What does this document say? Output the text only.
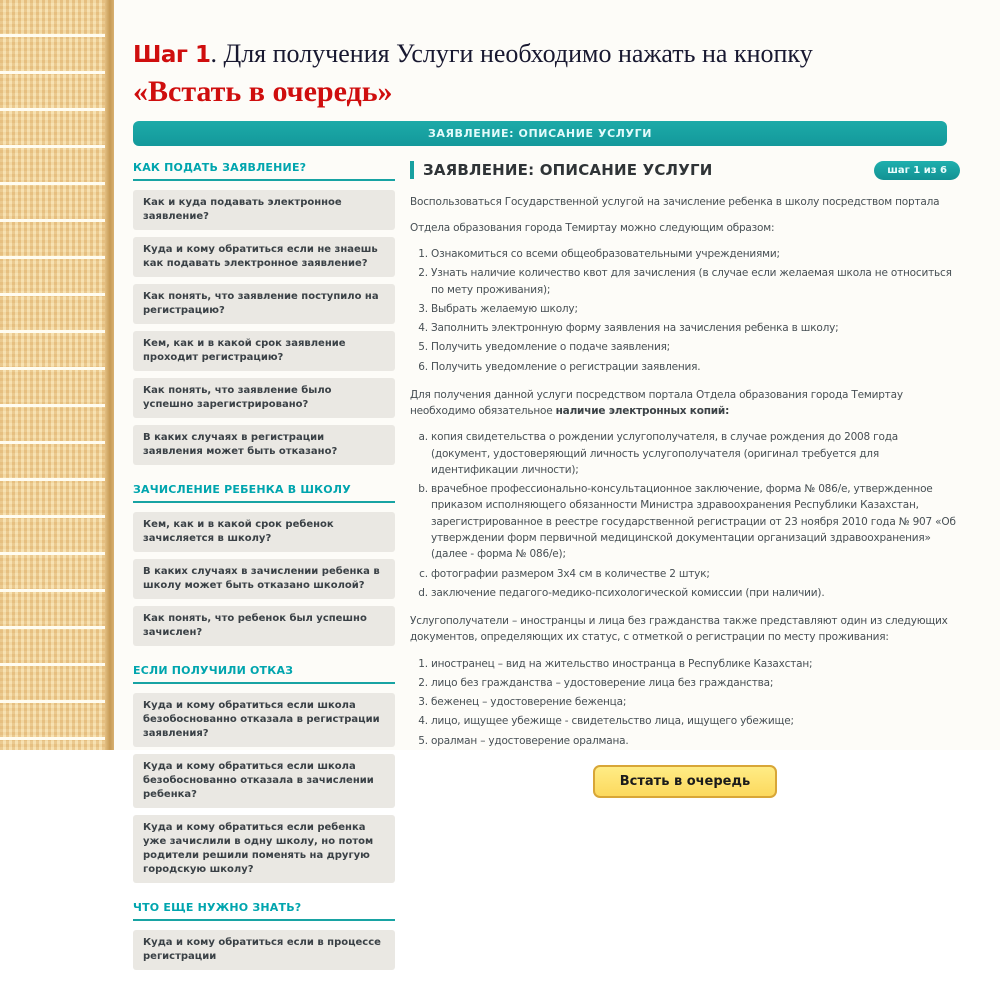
Шаг 1. Для получения Услуги необходимо нажать на кнопку
«Встать в очередь»
ЗАЯВЛЕНИЕ: ОПИСАНИЕ УСЛУГИ
КАК ПОДАТЬ ЗАЯВЛЕНИЕ?
Как и куда подавать электронное заявление?
Куда и кому обратиться если не знаешь как подавать электронное заявление?
Как понять, что заявление поступило на регистрацию?
Кем, как и в какой срок заявление проходит регистрацию?
Как понять, что заявление было успешно зарегистрировано?
В каких случаях в регистрации заявления может быть отказано?
ЗАЧИСЛЕНИЕ РЕБЕНКА В ШКОЛУ
Кем, как и в какой срок ребенок зачисляется в школу?
В каких случаях в зачислении ребенка в школу может быть отказано школой?
Как понять, что ребенок был успешно зачислен?
ЕСЛИ ПОЛУЧИЛИ ОТКАЗ
Куда и кому обратиться если школа безобоснованно отказала в регистрации заявления?
Куда и кому обратиться если школа безобоснованно отказала в зачислении ребенка?
Куда и кому обратиться если ребенка уже зачислили в одну школу, но потом родители решили поменять на другую городскую школу?
ЧТО ЕЩЕ НУЖНО ЗНАТЬ?
Куда и кому обратиться если в процессе регистрации
ЗАЯВЛЕНИЕ: ОПИСАНИЕ УСЛУГИ	шаг 1 из 6

Воспользоваться Государственной услугой на зачисление ребенка в школу посредством портала

Отдела образования города Темиртау можно следующим образом:

1. Ознакомиться со всеми общеобразовательными учреждениями;
2. Узнать наличие количество квот для зачисления (в случае если желаемая школа не относиться по мету проживания);
3. Выбрать желаемую школу;
4. Заполнить электронную форму заявления на зачисления ребенка в школу;
5. Получить уведомление о подаче заявления;
6. Получить уведомление о регистрации заявления.

Для получения данной услуги посредством портала Отдела образования города Темиртау необходимо обязательное наличие электронных копий:

a. копия свидетельства о рождении услугополучателя, в случае рождения до 2008 года (документ, удостоверяющий личность услугополучателя (оригинал требуется для идентификации личности);
b. врачебное профессионально-консультационное заключение, форма № 086/е, утвержденное приказом исполняющего обязанности Министра здравоохранения Республики Казахстан, зарегистрированное в реестре государственной регистрации от 23 ноября 2010 года № 907 «Об утверждении форм первичной медицинской документации организаций здравоохранения» (далее - форма № 086/е);
c. фотографии размером 3х4 см в количестве 2 штук;
d. заключение педагого-медико-психологической комиссии (при наличии).

Услугополучатели – иностранцы и лица без гражданства также представляют один из следующих документов, определяющих их статус, с отметкой о регистрации по месту проживания:

1. иностранец – вид на жительство иностранца в Республике Казахстан;
2. лицо без гражданства – удостоверение лица без гражданства;
3. беженец – удостоверение беженца;
4. лицо, ищущее убежище - свидетельство лица, ищущего убежище;
5. оралман – удостоверение оралмана.
Встать в очередь
